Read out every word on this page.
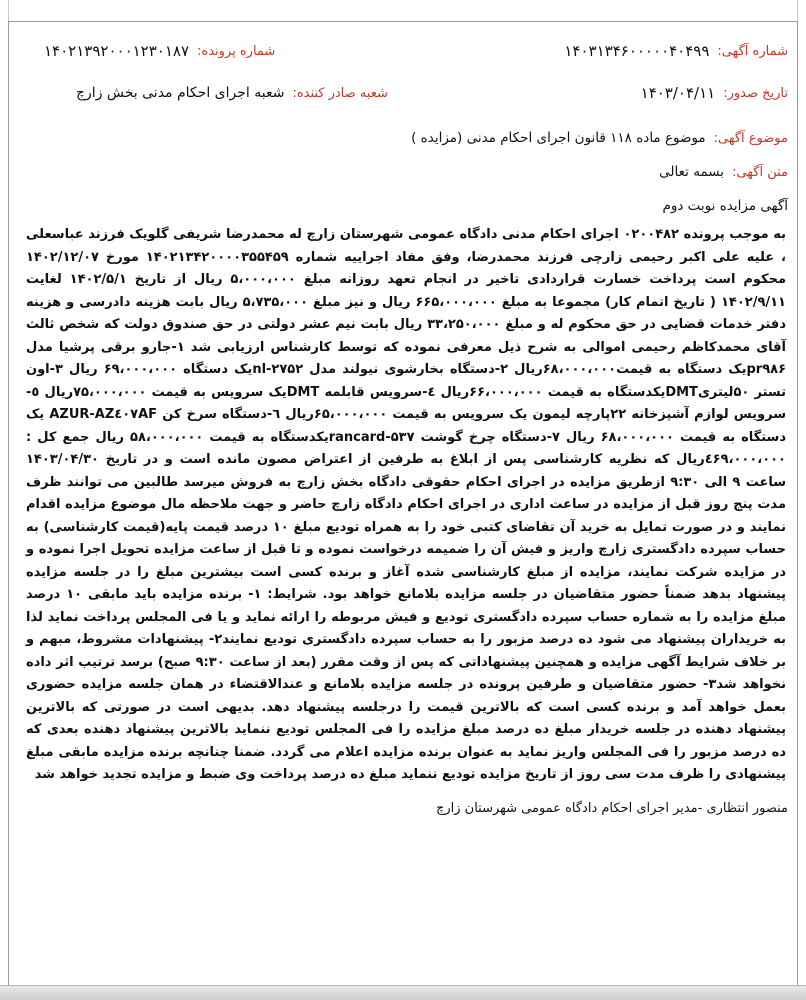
شماره آگهی:
۱۴۰۳۱۳۴۶۰۰۰۰۰۴۰۴۹۹
شماره پرونده:
۱۴۰۲۱۳۹۲۰۰۰۱۲۳۰۱۸۷
تاریخ صدور:
۱۴۰۳/۰۴/۱۱
شعبه صادر کننده:
شعبه اجرای احکام مدنی بخش زارچ
موضوع آگهی:
موضوع ماده ۱۱۸ قانون اجرای احکام مدنی (مزایده )
متن آگهی:
بسمه تعالی
آگهی مزایده نوبت دوم

به موجب پرونده ۰۲۰۰۴۸۲ اجرای احکام مدنی دادگاه عمومی شهرستان زارچ له محمدرضا شریفی گلویک فرزند عباسعلی ، علیه علی اکبر رحیمی زارچی فرزند محمدرضا، وفق مفاد اجراییه شماره ۱۴۰۲۱۳۴۲۰۰۰۰۳۵۵۴۵۹ مورخ ۱۴۰۲/۱۲/۰۷ محکوم است پرداخت خسارت قراردادی تاخیر در انجام تعهد روزانه مبلغ ۵،۰۰۰،۰۰۰ ریال از تاریخ ۱۴۰۲/۵/۱ لغایت ۱۴۰۲/۹/۱۱ ( تاریخ اتمام کار) مجموعا به مبلغ ۶۶۵،۰۰۰،۰۰۰ ریال و نیز مبلغ ۵،۷۳۵،۰۰۰ ریال بابت هزینه دادرسی و هزینه دفتر خدمات قضایی در حق محکوم له و مبلغ ۳۳،۲۵۰،۰۰۰ ریال بابت نیم عشر دولتی در حق صندوق دولت که شخص ثالث آقای محمدکاظم رحیمی اموالی به شرح ذیل معرفی نموده که توسط کارشناس ارزیابی شد ۱-جارو برقی پرشیا مدل pr۹۸۶یک دستگاه به قیمت۶۸،۰۰۰،۰۰۰ریال ۲-دستگاه بخارشوی نیولند مدل nl-۲۷۵۲یک دستگاه ۶۹،۰۰۰،۰۰۰ ریال ۳-اون تستر ۵۰لیتریDMTیکدستگاه به قیمت ۶۶،۰۰۰،۰۰۰ریال ٤-سرویس قابلمه DMTیک سرویس به قیمت ۷۵،۰۰۰،۰۰۰ریال ٥-سرویس لوازم آشپزخانه ۲۲پارچه لیمون یک سرویس به قیمت ۶۵،۰۰۰،۰۰۰ریال ٦-دستگاه سرخ کن AZUR-AZ٤۰۷AF یک دستگاه به قیمت ۶۸،۰۰۰،۰۰۰ ریال ۷-دستگاه چرخ گوشت rancard-۵۳۷یکدستگاه به قیمت ۵۸،۰۰۰،۰۰۰ ریال جمع کل : ٤۶۹،۰۰۰،۰۰۰ریال که نظریه کارشناسی پس از ابلاغ به طرفین از اعتراض مصون مانده است و در تاریخ ۱۴۰۳/۰۴/۳۰ ساعت ۹ الی ۹:۳۰ ازطریق مزایده در اجرای احکام حقوقی دادگاه بخش زارچ به فروش میرسد طالبین می توانند ظرف مدت پنج روز قبل از مزایده در ساعت اداری در اجرای احکام دادگاه زارچ حاضر و جهت ملاحظه مال موضوع مزایده اقدام نمایند و در صورت تمایل به خرید آن تقاضای کتبی خود را به همراه تودیع مبلغ ۱۰ درصد قیمت پایه(قیمت کارشناسی) به حساب سپرده دادگستری زارچ واریز و فیش آن را ضمیمه درخواست نموده و تا قبل از ساعت مزایده تحویل اجرا نموده و در مزایده شرکت نمایند، مزایده از مبلغ کارشناسی شده آغاز و برنده کسی است بیشترین مبلغ را در جلسه مزایده پیشنهاد بدهد ضمناً حضور متقاضیان در جلسه مزایده بلامانع خواهد بود. شرایط: ۱- برنده مزایده باید مابقی ۱۰ درصد مبلغ مزایده را به شماره حساب سپرده دادگستری تودیع و فیش مربوطه را ارائه نماید و یا فی المجلس پرداخت نماید لذا به خریداران پیشنهاد می شود ده درصد مزبور را به حساب سپرده دادگستری تودیع نمایند۲- پیشنهادات مشروط، مبهم و بر خلاف شرایط آگهی مزایده و همچنین پیشنهاداتی که پس از وقت مقرر (بعد از ساعت ۹:۳۰ صبح) برسد ترتیب اثر داده نخواهد شد۳- حضور متقاضیان و طرفین پرونده در جلسه مزایده بلامانع و عندالاقتضاء در همان جلسه مزایده حضوری بعمل خواهد آمد و برنده کسی است که بالاترین قیمت را درجلسه پیشنهاد دهد. بدیهی است در صورتی که بالاترین پیشنهاد دهنده در جلسه خریدار مبلغ ده درصد مبلغ مزایده را فی المجلس تودیع ننماید بالاترین پیشنهاد دهنده بعدی که ده درصد مزبور را فی المجلس واریز نماید به عنوان برنده مزایده اعلام می گردد. ضمنا چنانچه برنده مزایده مابقی مبلغ پیشنهادی را ظرف مدت سی روز از تاریخ مزایده تودیع ننماید مبلغ ده درصد پرداخت وی ضبط و مزایده تجدید خواهد شد

منصور انتظاری -مدیر اجرای احکام دادگاه عمومی شهرستان زارچ
